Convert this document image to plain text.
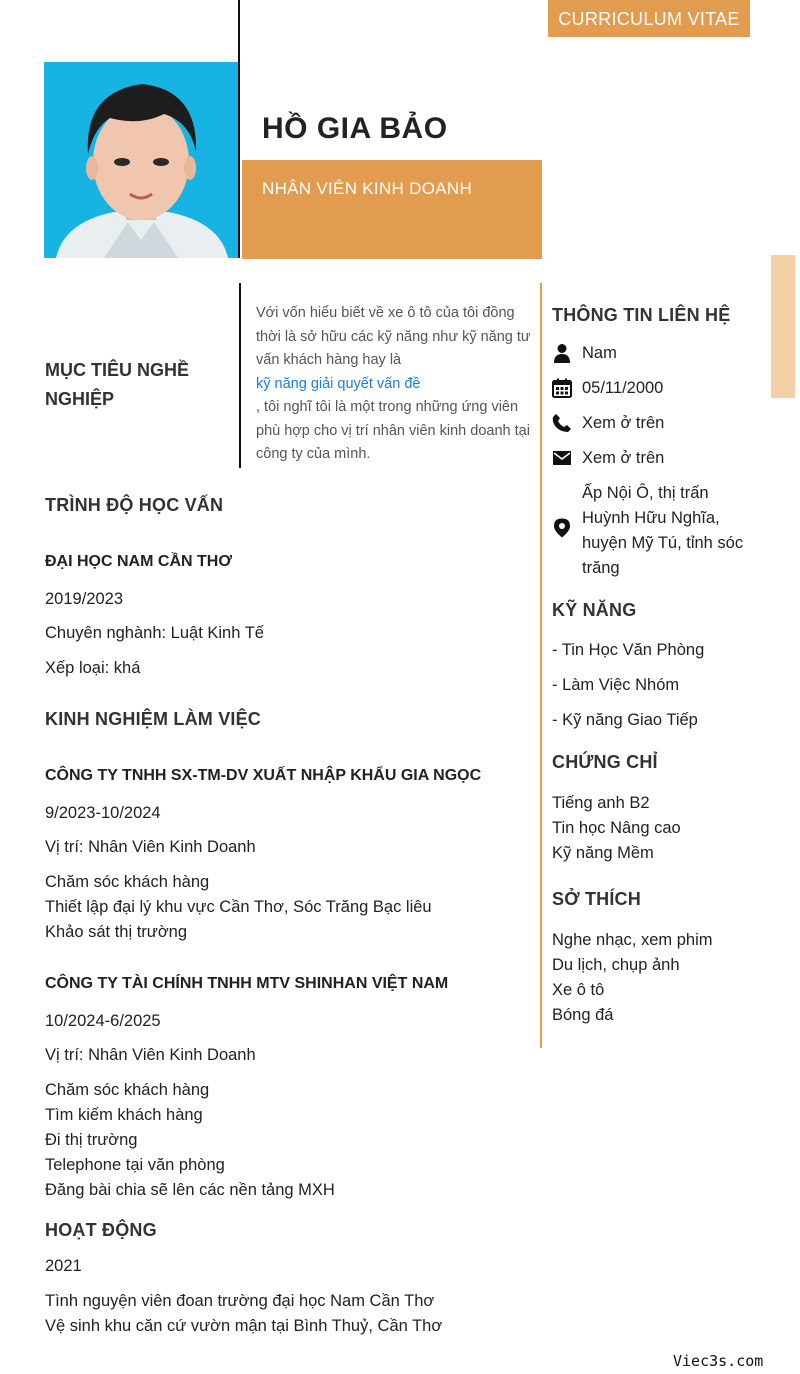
CURRICULUM VITAE
HỒ GIA BẢO
NHÂN VIÊN KINH DOANH
MỤC TIÊU NGHỀ NGHIỆP
Với vốn hiểu biết về xe ô tô của tôi đồng thời là sở hữu các kỹ năng như kỹ năng tư vấn khách hàng hay là
kỹ năng giải quyết vấn đề
, tôi nghĩ tôi là một trong những ứng viên phù hợp cho vị trí nhân viên kinh doanh tại công ty của mình.
TRÌNH ĐỘ HỌC VẤN
ĐẠI HỌC NAM CẦN THƠ
2019/2023
Chuyên nghành: Luật Kinh Tế
Xếp loại: khá
KINH NGHIỆM LÀM VIỆC
CÔNG TY TNHH SX-TM-DV XUẤT NHẬP KHẨU GIA NGỌC
9/2023-10/2024
Vị trí: Nhân Viên Kinh Doanh
Chăm sóc khách hàng
Thiết lập đại lý khu vực Cần Thơ, Sóc Trăng Bạc liêu
Khảo sát thị trường
CÔNG TY TÀI CHÍNH TNHH MTV SHINHAN VIỆT NAM
10/2024-6/2025
Vị trí: Nhân Viên Kinh Doanh
Chăm sóc khách hàng
Tìm kiếm khách hàng
Đi thị trường
Telephone tại văn phòng
Đăng bài chia sẽ lên các nền tảng MXH
HOẠT ĐỘNG
2021
Tình nguyện viên đoan trường đại học Nam Cần Thơ
Vệ sinh khu căn cứ vườn mận tại Bình Thuỷ, Cần Thơ
THÔNG TIN LIÊN HỆ
Nam
05/11/2000
Xem ở trên
Xem ở trên
Ấp Nội Ô, thị trấn Huỳnh Hữu Nghĩa, huyện Mỹ Tú, tỉnh sóc trăng
KỸ NĂNG
- Tin Học Văn Phòng
- Làm Việc Nhóm
- Kỹ năng Giao Tiếp
CHỨNG CHỈ
Tiếng anh B2
Tin học Nâng cao
Kỹ năng Mềm
SỞ THÍCH
Nghe nhạc, xem phim
Du lịch, chụp ảnh
Xe ô tô
Bóng đá
Viec3s.com
